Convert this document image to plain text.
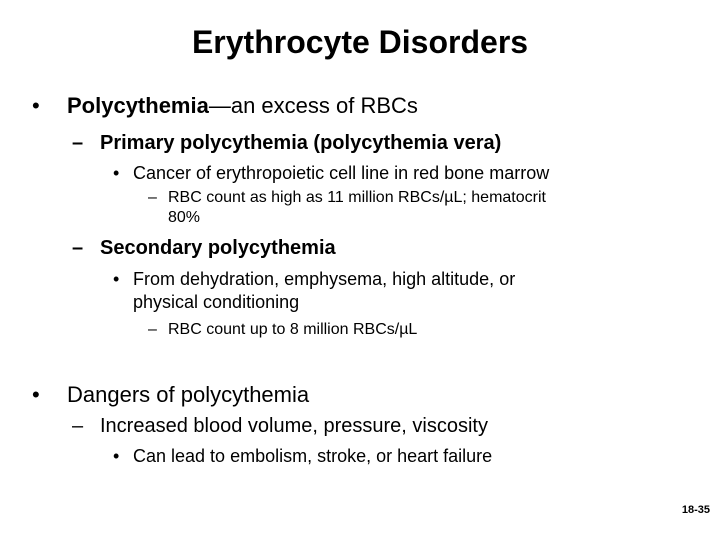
Erythrocyte Disorders
• Polycythemia—an excess of RBCs
– Primary polycythemia (polycythemia vera)
• Cancer of erythropoietic cell line in red bone marrow
– RBC count as high as 11 million RBCs/µL; hematocrit
80%
– Secondary polycythemia
• From dehydration, emphysema, high altitude, or
physical conditioning
– RBC count up to 8 million RBCs/µL
• Dangers of polycythemia
– Increased blood volume, pressure, viscosity
• Can lead to embolism, stroke, or heart failure
18-35
